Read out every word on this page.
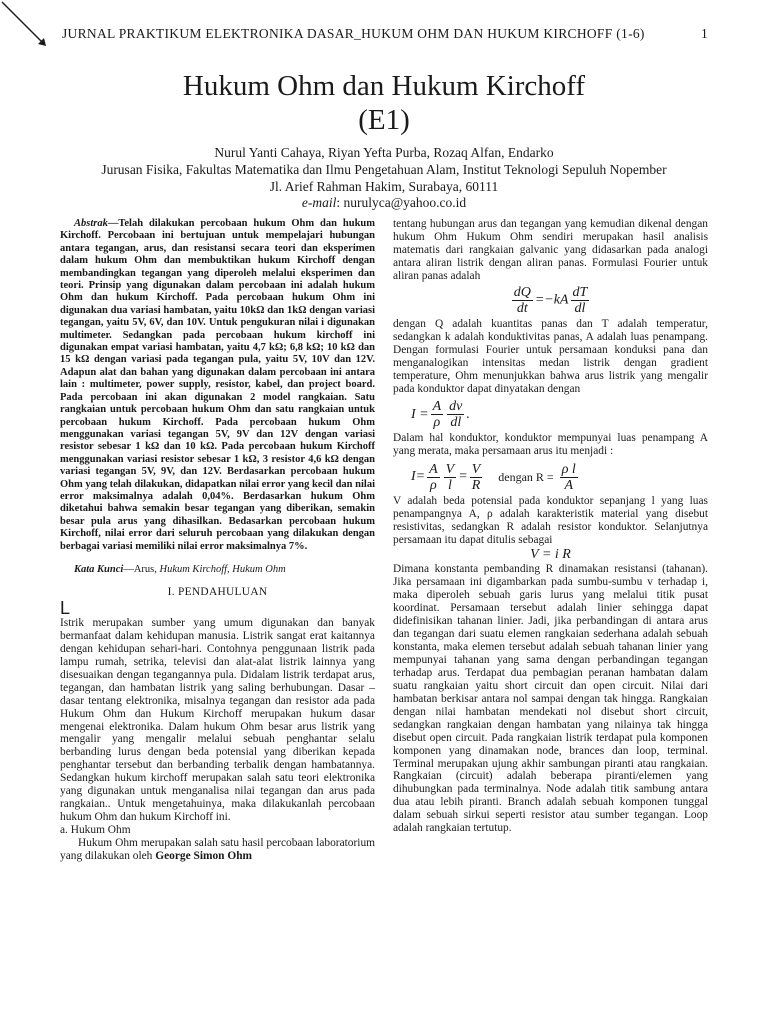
JURNAL PRAKTIKUM ELEKTRONIKA DASAR_HUKUM OHM DAN HUKUM KIRCHOFF (1-6)	1
Hukum Ohm dan Hukum Kirchoff
(E1)
Nurul Yanti Cahaya, Riyan Yefta Purba, Rozaq Alfan, Endarko
Jurusan Fisika, Fakultas Matematika dan Ilmu Pengetahuan Alam, Institut Teknologi Sepuluh Nopember
Jl. Arief Rahman Hakim, Surabaya, 60111
e-mail: nurulyca@yahoo.co.id

Abstrak—Telah dilakukan percobaan hukum Ohm dan hukum Kirchoff. Percobaan ini bertujuan untuk mempelajari hubungan antara tegangan, arus, dan resistansi secara teori dan eksperimen dalam hukum Ohm dan membuktikan hukum Kirchoff dengan membandingkan tegangan yang diperoleh melalui eksperimen dan teori. Prinsip yang digunakan dalam percobaan ini adalah hukum Ohm dan hukum Kirchoff. Pada percobaan hukum Ohm ini digunakan dua variasi hambatan, yaitu 10kΩ dan 1kΩ dengan variasi tegangan, yaitu 5V, 6V, dan 10V. Untuk pengukuran nilai i digunakan multimeter. Sedangkan pada percobaan hukum kirchoff ini digunakan empat variasi hambatan, yaitu 4,7 kΩ; 6,8 kΩ; 10 kΩ dan 15 kΩ dengan variasi pada tegangan pula, yaitu 5V, 10V dan 12V. Adapun alat dan bahan yang digunakan dalam percobaan ini antara lain : multimeter, power supply, resistor, kabel, dan project board. Pada percobaan ini akan digunakan 2 model rangkaian. Satu rangkaian untuk percobaan hukum Ohm dan satu rangkaian untuk percobaan hukum Kirchoff. Pada percobaan hukum Ohm menggunakan variasi tegangan 5V, 9V dan 12V dengan variasi resistor sebesar 1 kΩ dan 10 kΩ. Pada percobaan hukum Kirchoff menggunakan variasi resistor sebesar 1 kΩ, 3 resistor 4,6 kΩ dengan variasi tegangan 5V, 9V, dan 12V. Berdasarkan percobaan hukum Ohm yang telah dilakukan, didapatkan nilai error yang kecil dan nilai error maksimalnya adalah 0,04%. Berdasarkan hukum Ohm diketahui bahwa semakin besar tegangan yang diberikan, semakin besar pula arus yang dihasilkan. Bedasarkan percobaan hukum Kirchoff, nilai error dari seluruh percobaan yang dilakukan dengan berbagai variasi memiliki nilai error maksimalnya 7%.

Kata Kunci—Arus, Hukum Kirchoff, Hukum Ohm

I. PENDAHULUAN

L

Istrik merupakan sumber yang umum digunakan dan banyak bermanfaat dalam kehidupan manusia. Listrik sangat erat kaitannya dengan kehidupan sehari-hari. Contohnya penggunaan listrik pada lampu rumah, setrika, televisi dan alat-alat listrik lainnya yang disesuaikan dengan tegangannya pula. Didalam listrik terdapat arus, tegangan, dan hambatan listrik yang saling berhubungan. Dasar – dasar tentang elektronika, misalnya tegangan dan resistor ada pada Hukum Ohm dan Hukum Kirchoff merupakan hukum dasar mengenai elektronika. Dalam hukum Ohm besar arus listrik yang mengalir yang mengalir melalui sebuah penghantar selalu berbanding lurus dengan beda potensial yang diberikan kepada penghantar tersebut dan berbanding terbalik dengan hambatannya. Sedangkan hukum kirchoff merupakan salah satu teori elektronika yang digunakan untuk menganalisa nilai tegangan dan arus pada rangkaian.. Untuk mengetahuinya, maka dilakukanlah percobaan hukum Ohm dan hukum Kirchoff ini.

a. Hukum Ohm

Hukum Ohm merupakan salah satu hasil percobaan laboratorium yang dilakukan oleh George Simon Ohm

tentang hubungan arus dan tegangan yang kemudian dikenal dengan hukum Ohm Hukum Ohm sendiri merupakan hasil analisis matematis dari rangkaian galvanic yang didasarkan pada analogi antara aliran listrik dengan aliran panas. Formulasi Fourier untuk aliran panas adalah

$\frac{dQ}{dt} =-kA \frac{dT}{dl}$

dengan Q adalah kuantitas panas dan T adalah temperatur, sedangkan k adalah konduktivitas panas, A adalah luas penampang. Dengan formulasi Fourier untuk persamaan konduksi pana dan menganalogikan intensitas medan listrik dengan gradient temperature, Ohm menunjukkan bahwa arus listrik yang mengalir pada konduktor dapat dinyatakan dengan

$I = \frac{A}{\rho} \frac{dv}{dl}$ .

Dalam hal konduktor, konduktor mempunyai luas penampang A yang merata, maka persamaan arus itu menjadi :

$I= \frac{A}{\rho} \frac{V}{l} = \frac{V}{R}$ dengan $R = \frac{\text{ρ l}}{A}$

V adalah beda potensial pada konduktor sepanjang l yang luas penampangnya A, ρ adalah karakteristik material yang disebut resistivitas, sedangkan R adalah resistor konduktor. Selanjutnya persamaan itu dapat ditulis sebagai

V = i R

Dimana konstanta pembanding R dinamakan resistansi (tahanan). Jika persamaan ini digambarkan pada sumbu-sumbu v terhadap i, maka diperoleh sebuah garis lurus yang melalui titik pusat koordinat. Persamaan tersebut adalah linier sehingga dapat didefinisikan tahanan linier. Jadi, jika perbandingan di antara arus dan tegangan dari suatu elemen rangkaian sederhana adalah sebuah konstanta, maka elemen tersebut adalah sebuah tahanan linier yang mempunyai tahanan yang sama dengan perbandingan tegangan terhadap arus. Terdapat dua pembagian peranan hambatan dalam suatu rangkaian yaitu short circuit dan open circuit. Nilai dari hambatan berkisar antara nol sampai dengan tak hingga. Rangkaian dengan nilai hambatan mendekati nol disebut short circuit, sedangkan rangkaian dengan hambatan yang nilainya tak hingga disebut open circuit. Pada rangkaian listrik terdapat pula komponen komponen yang dinamakan node, brances dan loop, terminal. Terminal merupakan ujung akhir sambungan piranti atau rangkaian. Rangkaian (circuit) adalah beberapa piranti/elemen yang dihubungkan pada terminalnya. Node adalah titik sambung antara dua atau lebih piranti. Branch adalah sebuah komponen tunggal dalam sebuah sirkui seperti resistor atau sumber tegangan. Loop adalah rangkaian tertutup.
